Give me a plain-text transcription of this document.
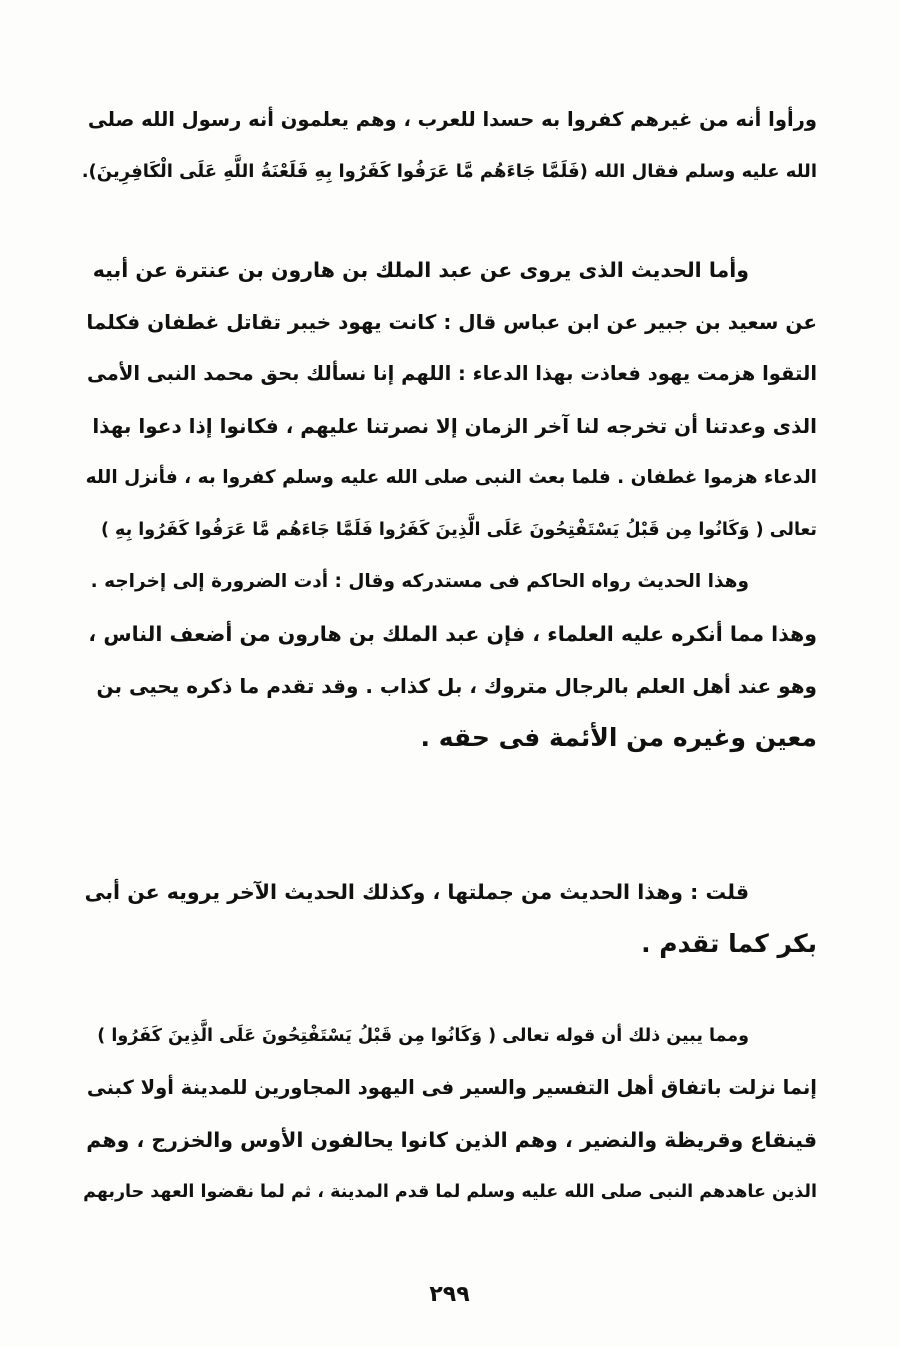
ورأوا أنه من غيرهم كفروا به حسدا للعرب ، وهم يعلمون أنه رسول الله صلى
الله عليه وسلم فقال الله (فَلَمَّا جَاءَهُم مَّا عَرَفُوا كَفَرُوا بِهِ فَلَعْنَةُ اللَّهِ عَلَى الْكَافِرِينَ).
وأما الحديث الذى يروى عن عبد الملك بن هارون بن عنترة عن أبيه
عن سعيد بن جبير عن ابن عباس قال : كانت يهود خيبر تقاتل غطفان فكلما
التقوا هزمت يهود فعاذت بهذا الدعاء : اللهم إنا نسألك بحق محمد النبى الأمى
الذى وعدتنا أن تخرجه لنا آخر الزمان إلا نصرتنا عليهم ، فكانوا إذا دعوا بهذا
الدعاء هزموا غطفان . فلما بعث النبى صلى الله عليه وسلم كفروا به ، فأنزل الله
تعالى ( وَكَانُوا مِن قَبْلُ يَسْتَفْتِحُونَ عَلَى الَّذِينَ كَفَرُوا فَلَمَّا جَاءَهُم مَّا عَرَفُوا كَفَرُوا بِهِ )
وهذا الحديث رواه الحاكم فى مستدركه وقال : أدت الضرورة إلى إخراجه .
وهذا مما أنكره عليه العلماء ، فإن عبد الملك بن هارون من أضعف الناس ،
وهو عند أهل العلم بالرجال متروك ، بل كذاب . وقد تقدم ما ذكره يحيى بن
معين وغيره من الأئمة فى حقه .
قلت : وهذا الحديث من جملتها ، وكذلك الحديث الآخر يرويه عن أبى
بكر كما تقدم .
ومما يبين ذلك أن قوله تعالى ( وَكَانُوا مِن قَبْلُ يَسْتَفْتِحُونَ عَلَى الَّذِينَ كَفَرُوا )
إنما نزلت باتفاق أهل التفسير والسير فى اليهود المجاورين للمدينة أولا كبنى
قينقاع وقريظة والنضير ، وهم الذين كانوا يحالفون الأوس والخزرج ، وهم
الذين عاهدهم النبى صلى الله عليه وسلم لما قدم المدينة ، ثم لما نقضوا العهد حاربهم
٢٩٩
